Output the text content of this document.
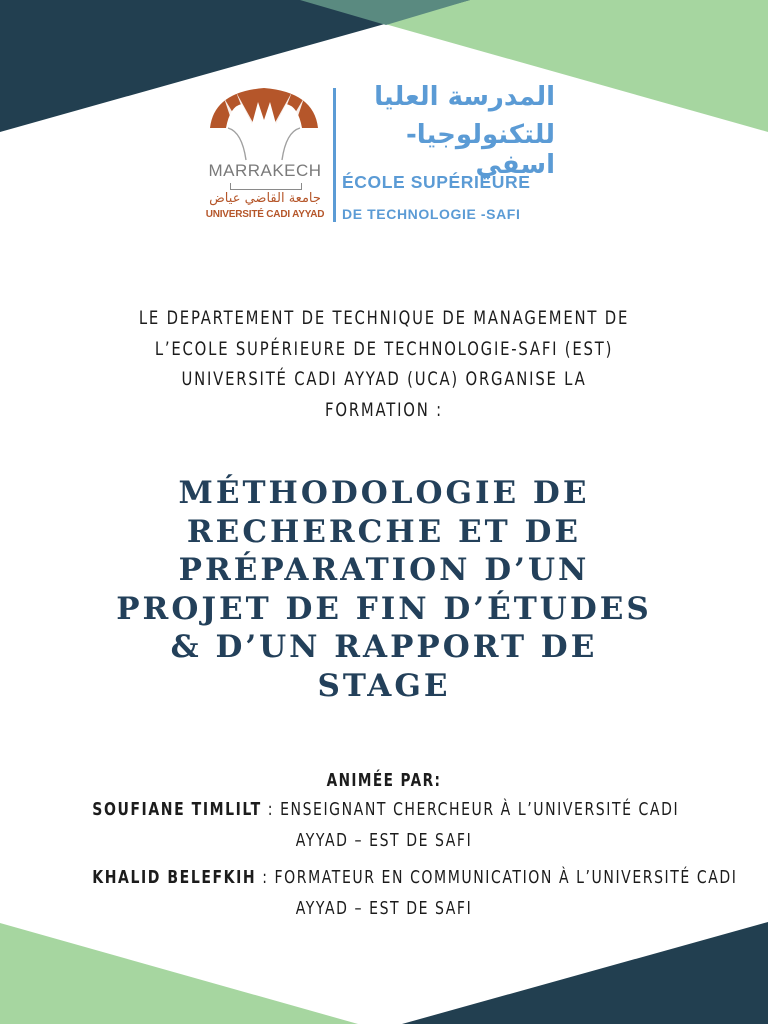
MARRAKECH
جامعة القاضي عياض
UNIVERSITÉ CADI AYYAD
المدرسة العليا
للتكنولوجيا- اسفي
ÉCOLE SUPÉRIEURE
DE TECHNOLOGIE -SAFI
LE DEPARTEMENT DE TECHNIQUE DE MANAGEMENT DE
L’ECOLE SUPÉRIEURE DE TECHNOLOGIE-SAFI (EST)
UNIVERSITÉ CADI AYYAD (UCA) ORGANISE LA
FORMATION :
MÉTHODOLOGIE DE
RECHERCHE ET DE
PRÉPARATION D’UN
PROJET DE FIN D’ÉTUDES
& D’UN RAPPORT DE
STAGE
ANIMÉE PAR:
SOUFIANE TIMLILT : ENSEIGNANT CHERCHEUR À L’UNIVERSITÉ CADI
AYYAD – EST DE SAFI
KHALID BELEFKIH : FORMATEUR EN COMMUNICATION À L’UNIVERSITÉ CADI
AYYAD – EST DE SAFI
